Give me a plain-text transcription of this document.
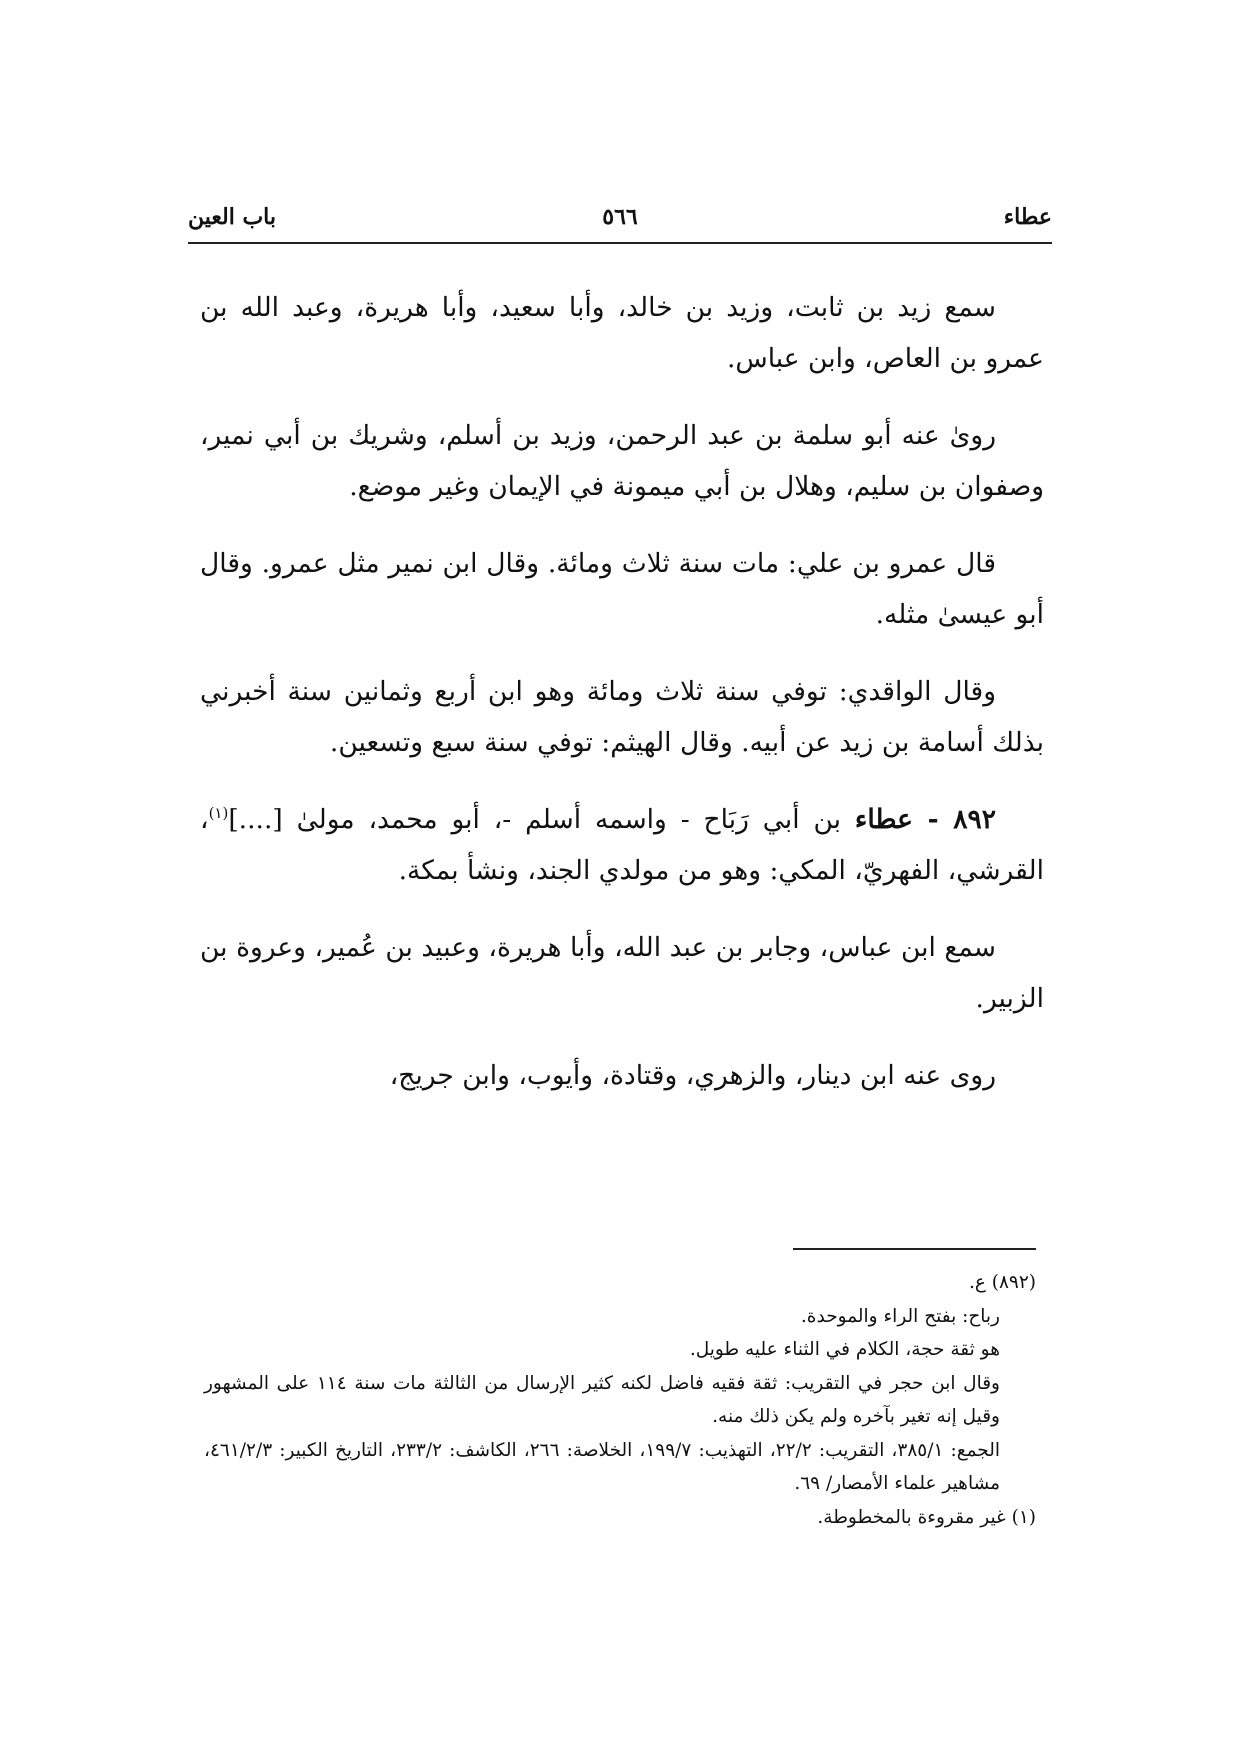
عطاء
٥٦٦
باب العين

سمع زيد بن ثابت، وزيد بن خالد، وأبا سعيد، وأبا هريرة، وعبد الله بن عمرو بن العاص، وابن عباس.

روىٰ عنه أبو سلمة بن عبد الرحمن، وزيد بن أسلم، وشريك بن أبي نمير، وصفوان بن سليم، وهلال بن أبي ميمونة في الإيمان وغير موضع.

قال عمرو بن علي: مات سنة ثلاث ومائة. وقال ابن نمير مثل عمرو. وقال أبو عيسىٰ مثله.

وقال الواقدي: توفي سنة ثلاث ومائة وهو ابن أربع وثمانين سنة أخبرني بذلك أسامة بن زيد عن أبيه. وقال الهيثم: توفي سنة سبع وتسعين.

٨٩٢ - عطاء بن أبي رَبَاح - واسمه أسلم -، أبو محمد، مولىٰ [....]$^{(١)}$، القرشي، الفهريّ، المكي: وهو من مولدي الجند، ونشأ بمكة.

سمع ابن عباس، وجابر بن عبد الله، وأبا هريرة، وعبيد بن عُمير، وعروة بن الزبير.

روى عنه ابن دينار، والزهري، وقتادة، وأيوب، وابن جريج،

(٨٩٢) ع.

رباح: بفتح الراء والموحدة.

هو ثقة حجة، الكلام في الثناء عليه طويل.

وقال ابن حجر في التقريب: ثقة فقيه فاضل لكنه كثير الإرسال من الثالثة مات سنة ١١٤ على المشهور وقيل إنه تغير بآخره ولم يكن ذلك منه.

الجمع: ٣٨٥/١، التقريب: ٢٢/٢، التهذيب: ١٩٩/٧، الخلاصة: ٢٦٦، الكاشف: ٢٣٣/٢، التاريخ الكبير: ٤٦١/٢/٣، مشاهير علماء الأمصار/ ٦٩.

(١) غير مقروءة بالمخطوطة.
